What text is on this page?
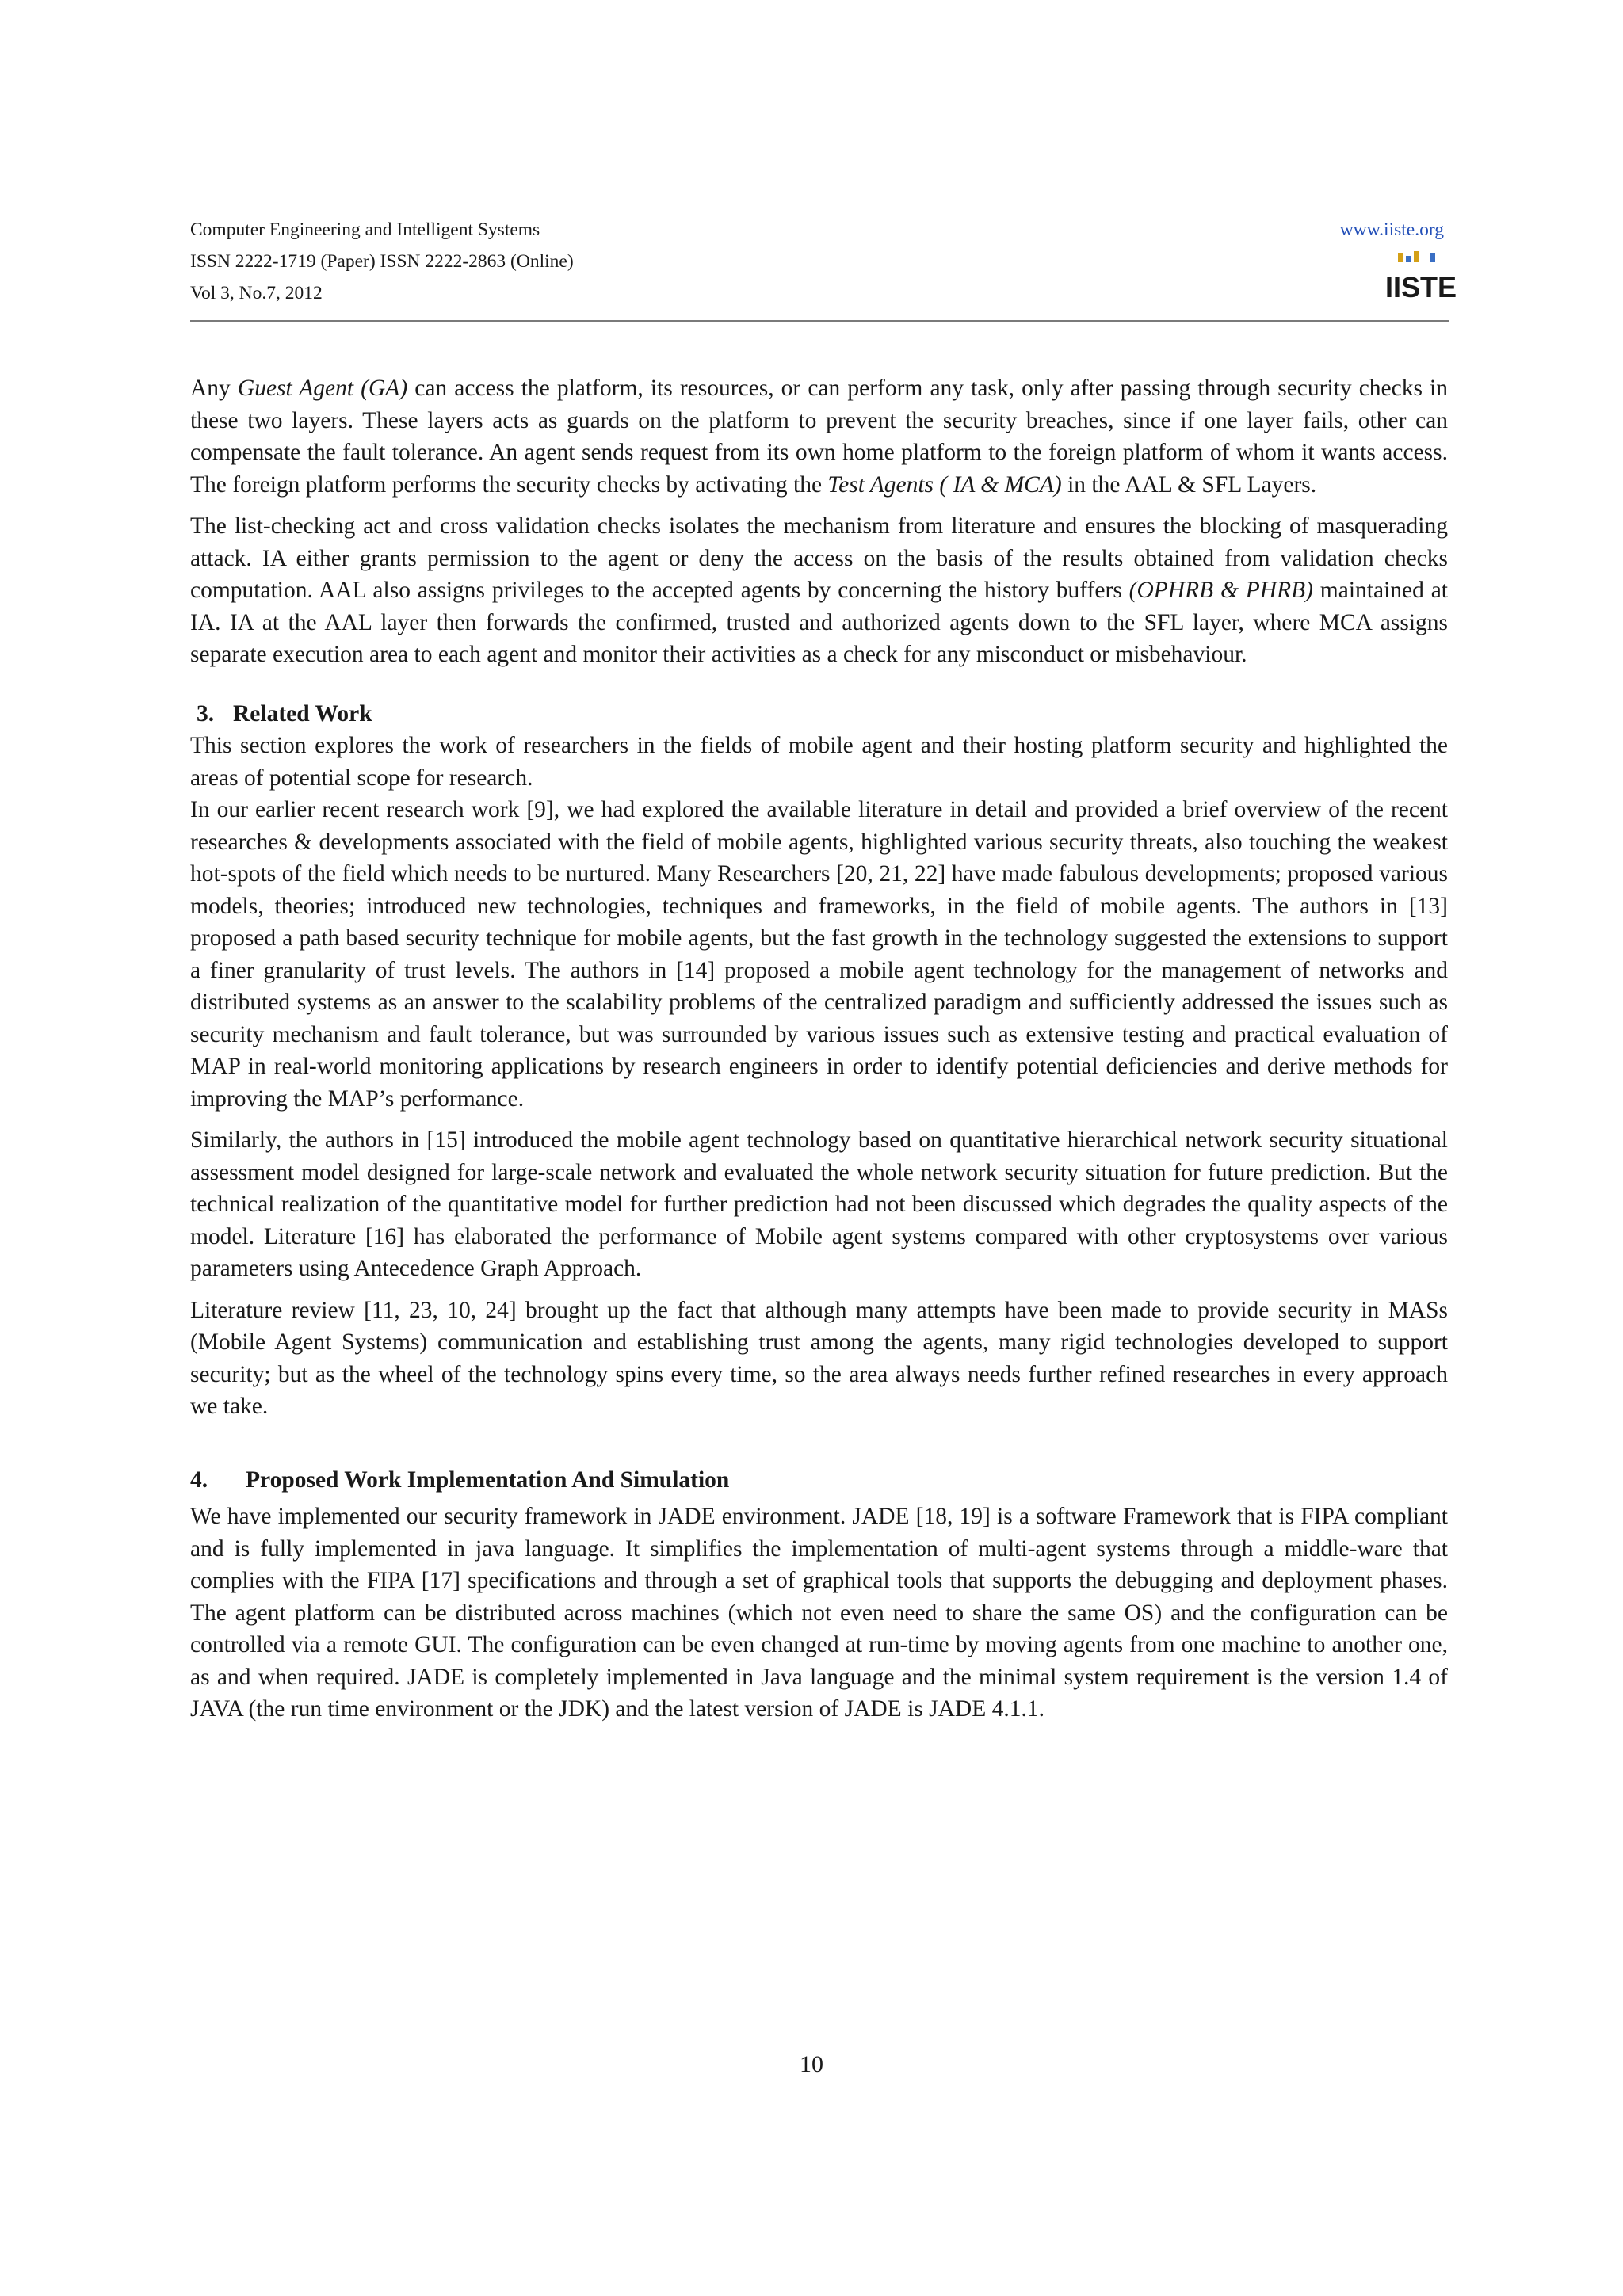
Computer Engineering and Intelligent Systems
ISSN 2222-1719 (Paper) ISSN 2222-2863 (Online)
Vol 3, No.7, 2012
www.iiste.org
IISTE

Any Guest Agent (GA) can access the platform, its resources, or can perform any task, only after passing through security checks in these two layers. These layers acts as guards on the platform to prevent the security breaches, since if one layer fails, other can compensate the fault tolerance. An agent sends request from its own home platform to the foreign platform of whom it wants access. The foreign platform performs the security checks by activating the Test Agents ( IA & MCA) in the AAL & SFL Layers.

The list-checking act and cross validation checks isolates the mechanism from literature and ensures the blocking of masquerading attack. IA either grants permission to the agent or deny the access on the basis of the results obtained from validation checks computation. AAL also assigns privileges to the accepted agents by concerning the history buffers (OPHRB & PHRB) maintained at IA. IA at the AAL layer then forwards the confirmed, trusted and authorized agents down to the SFL layer, where MCA assigns separate execution area to each agent and monitor their activities as a check for any misconduct or misbehaviour.

3. Related Work

This section explores the work of researchers in the fields of mobile agent and their hosting platform security and highlighted the areas of potential scope for research.

In our earlier recent research work [9], we had explored the available literature in detail and provided a brief overview of the recent researches & developments associated with the field of mobile agents, highlighted various security threats, also touching the weakest hot-spots of the field which needs to be nurtured. Many Researchers [20, 21, 22] have made fabulous developments; proposed various models, theories; introduced new technologies, techniques and frameworks, in the field of mobile agents. The authors in [13] proposed a path based security technique for mobile agents, but the fast growth in the technology suggested the extensions to support a finer granularity of trust levels. The authors in [14] proposed a mobile agent technology for the management of networks and distributed systems as an answer to the scalability problems of the centralized paradigm and sufficiently addressed the issues such as security mechanism and fault tolerance, but was surrounded by various issues such as extensive testing and practical evaluation of MAP in real-world monitoring applications by research engineers in order to identify potential deficiencies and derive methods for improving the MAP’s performance.

Similarly, the authors in [15] introduced the mobile agent technology based on quantitative hierarchical network security situational assessment model designed for large-scale network and evaluated the whole network security situation for future prediction. But the technical realization of the quantitative model for further prediction had not been discussed which degrades the quality aspects of the model. Literature [16] has elaborated the performance of Mobile agent systems compared with other cryptosystems over various parameters using Antecedence Graph Approach.

Literature review [11, 23, 10, 24] brought up the fact that although many attempts have been made to provide security in MASs (Mobile Agent Systems) communication and establishing trust among the agents, many rigid technologies developed to support security; but as the wheel of the technology spins every time, so the area always needs further refined researches in every approach we take.

4. Proposed Work Implementation And Simulation

We have implemented our security framework in JADE environment. JADE [18, 19] is a software Framework that is FIPA compliant and is fully implemented in java language. It simplifies the implementation of multi-agent systems through a middle-ware that complies with the FIPA [17] specifications and through a set of graphical tools that supports the debugging and deployment phases. The agent platform can be distributed across machines (which not even need to share the same OS) and the configuration can be controlled via a remote GUI. The configuration can be even changed at run-time by moving agents from one machine to another one, as and when required. JADE is completely implemented in Java language and the minimal system requirement is the version 1.4 of JAVA (the run time environment or the JDK) and the latest version of JADE is JADE 4.1.1.

10
